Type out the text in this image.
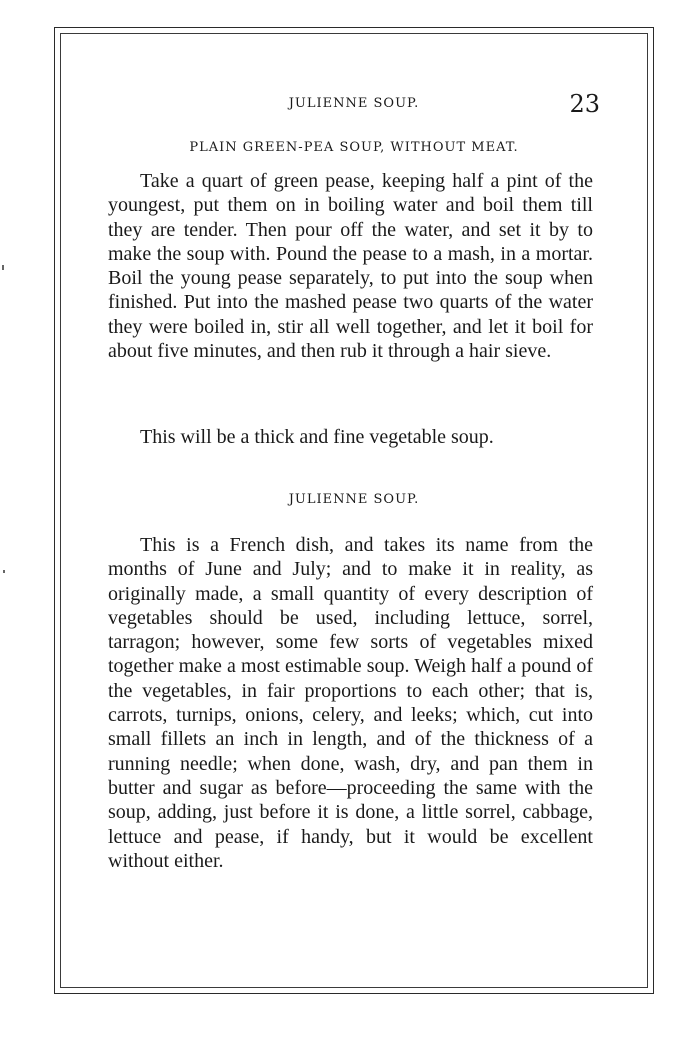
JULIENNE SOUP.	23
PLAIN GREEN-PEA SOUP, WITHOUT MEAT.

Take a quart of green pease, keeping half a pint of the youngest, put them on in boiling water and boil them till they are tender. Then pour off the water, and set it by to make the soup with. Pound the pease to a mash, in a mortar. Boil the young pease separately, to put into the soup when finished. Put into the mashed pease two quarts of the water they were boiled in, stir all well together, and let it boil for about five minutes, and then rub it through a hair sieve.

This will be a thick and fine vegetable soup.

JULIENNE SOUP.

This is a French dish, and takes its name from the months of June and July; and to make it in reality, as originally made, a small quantity of every description of vegetables should be used, including lettuce, sorrel, tarragon; however, some few sorts of vegetables mixed together make a most estimable soup. Weigh half a pound of the vegetables, in fair proportions to each other; that is, carrots, turnips, onions, celery, and leeks; which, cut into small fillets an inch in length, and of the thickness of a running needle; when done, wash, dry, and pan them in butter and sugar as before—proceeding the same with the soup, adding, just before it is done, a little sorrel, cabbage, lettuce and pease, if handy, but it would be excellent without either.
